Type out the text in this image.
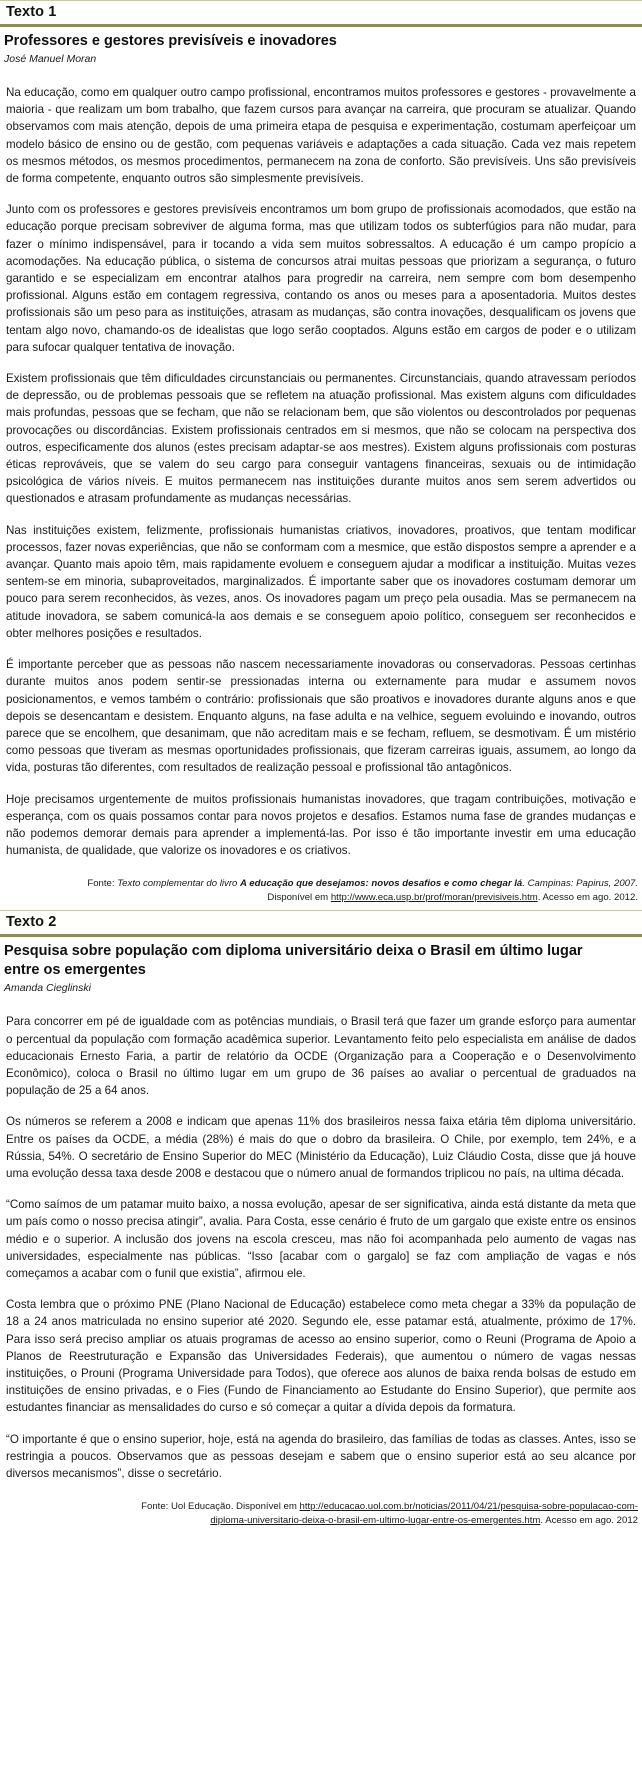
Texto 1
Professores e gestores previsíveis e inovadores
José Manuel Moran

Na educação, como em qualquer outro campo profissional, encontramos muitos professores e gestores - provavelmente a maioria - que realizam um bom trabalho, que fazem cursos para avançar na carreira, que procuram se atualizar. Quando observamos com mais atenção, depois de uma primeira etapa de pesquisa e experimentação, costumam aperfeiçoar um modelo básico de ensino ou de gestão, com pequenas variáveis e adaptações a cada situação. Cada vez mais repetem os mesmos métodos, os mesmos procedimentos, permanecem na zona de conforto. São previsíveis. Uns são previsíveis de forma competente, enquanto outros são simplesmente previsíveis.

Junto com os professores e gestores previsíveis encontramos um bom grupo de profissionais acomodados, que estão na educação porque precisam sobreviver de alguma forma, mas que utilizam todos os subterfúgios para não mudar, para fazer o mínimo indispensável, para ir tocando a vida sem muitos sobressaltos. A educação é um campo propício a acomodações. Na educação pública, o sistema de concursos atrai muitas pessoas que priorizam a segurança, o futuro garantido e se especializam em encontrar atalhos para progredir na carreira, nem sempre com bom desempenho profissional. Alguns estão em contagem regressiva, contando os anos ou meses para a aposentadoria. Muitos destes profissionais são um peso para as instituições, atrasam as mudanças, são contra inovações, desqualificam os jovens que tentam algo novo, chamando-os de idealistas que logo serão cooptados. Alguns estão em cargos de poder e o utilizam para sufocar qualquer tentativa de inovação.

Existem profissionais que têm dificuldades circunstanciais ou permanentes. Circunstanciais, quando atravessam períodos de depressão, ou de problemas pessoais que se refletem na atuação profissional. Mas existem alguns com dificuldades mais profundas, pessoas que se fecham, que não se relacionam bem, que são violentos ou descontrolados por pequenas provocações ou discordâncias. Existem profissionais centrados em si mesmos, que não se colocam na perspectiva dos outros, especificamente dos alunos (estes precisam adaptar-se aos mestres). Existem alguns profissionais com posturas éticas reprováveis, que se valem do seu cargo para conseguir vantagens financeiras, sexuais ou de intimidação psicológica de vários níveis. E muitos permanecem nas instituições durante muitos anos sem serem advertidos ou questionados e atrasam profundamente as mudanças necessárias.

Nas instituições existem, felizmente, profissionais humanistas criativos, inovadores, proativos, que tentam modificar processos, fazer novas experiências, que não se conformam com a mesmice, que estão dispostos sempre a aprender e a avançar. Quanto mais apoio têm, mais rapidamente evoluem e conseguem ajudar a modificar a instituição. Muitas vezes sentem-se em minoria, subaproveitados, marginalizados. É importante saber que os inovadores costumam demorar um pouco para serem reconhecidos, às vezes, anos. Os inovadores pagam um preço pela ousadia. Mas se permanecem na atitude inovadora, se sabem comunicá-la aos demais e se conseguem apoio político, conseguem ser reconhecidos e obter melhores posições e resultados.

É importante perceber que as pessoas não nascem necessariamente inovadoras ou conservadoras. Pessoas certinhas durante muitos anos podem sentir-se pressionadas interna ou externamente para mudar e assumem novos posicionamentos, e vemos também o contrário: profissionais que são proativos e inovadores durante alguns anos e que depois se desencantam e desistem. Enquanto alguns, na fase adulta e na velhice, seguem evoluindo e inovando, outros parece que se encolhem, que desanimam, que não acreditam mais e se fecham, refluem, se desmotivam. É um mistério como pessoas que tiveram as mesmas oportunidades profissionais, que fizeram carreiras iguais, assumem, ao longo da vida, posturas tão diferentes, com resultados de realização pessoal e profissional tão antagônicos.

Hoje precisamos urgentemente de muitos profissionais humanistas inovadores, que tragam contribuições, motivação e esperança, com os quais possamos contar para novos projetos e desafios. Estamos numa fase de grandes mudanças e não podemos demorar demais para aprender a implementá-las. Por isso é tão importante investir em uma educação humanista, de qualidade, que valorize os inovadores e os criativos.

Fonte: Texto complementar do livro A educação que desejamos: novos desafios e como chegar lá. Campinas: Papirus, 2007.
Disponível em http://www.eca.usp.br/prof/moran/previsiveis.htm. Acesso em ago. 2012.
Texto 2
Pesquisa sobre população com diploma universitário deixa o Brasil em último lugar entre os emergentes
Amanda Cieglinski

Para concorrer em pé de igualdade com as potências mundiais, o Brasil terá que fazer um grande esforço para aumentar o percentual da população com formação acadêmica superior. Levantamento feito pelo especialista em análise de dados educacionais Ernesto Faria, a partir de relatório da OCDE (Organização para a Cooperação e o Desenvolvimento Econômico), coloca o Brasil no último lugar em um grupo de 36 países ao avaliar o percentual de graduados na população de 25 a 64 anos.

Os números se referem a 2008 e indicam que apenas 11% dos brasileiros nessa faixa etária têm diploma universitário. Entre os países da OCDE, a média (28%) é mais do que o dobro da brasileira. O Chile, por exemplo, tem 24%, e a Rússia, 54%. O secretário de Ensino Superior do MEC (Ministério da Educação), Luiz Cláudio Costa, disse que já houve uma evolução dessa taxa desde 2008 e destacou que o número anual de formandos triplicou no país, na ultima década.

“Como saímos de um patamar muito baixo, a nossa evolução, apesar de ser significativa, ainda está distante da meta que um país como o nosso precisa atingir”, avalia. Para Costa, esse cenário é fruto de um gargalo que existe entre os ensinos médio e o superior. A inclusão dos jovens na escola cresceu, mas não foi acompanhada pelo aumento de vagas nas universidades, especialmente nas públicas. “Isso [acabar com o gargalo] se faz com ampliação de vagas e nós começamos a acabar com o funil que existia”, afirmou ele.

Costa lembra que o próximo PNE (Plano Nacional de Educação) estabelece como meta chegar a 33% da população de 18 a 24 anos matriculada no ensino superior até 2020. Segundo ele, esse patamar está, atualmente, próximo de 17%. Para isso será preciso ampliar os atuais programas de acesso ao ensino superior, como o Reuni (Programa de Apoio a Planos de Reestruturação e Expansão das Universidades Federais), que aumentou o número de vagas nessas instituições, o Prouni (Programa Universidade para Todos), que oferece aos alunos de baixa renda bolsas de estudo em instituições de ensino privadas, e o Fies (Fundo de Financiamento ao Estudante do Ensino Superior), que permite aos estudantes financiar as mensalidades do curso e só começar a quitar a dívida depois da formatura.

“O importante é que o ensino superior, hoje, está na agenda do brasileiro, das famílias de todas as classes. Antes, isso se restringia a poucos. Observamos que as pessoas desejam e sabem que o ensino superior está ao seu alcance por diversos mecanismos”, disse o secretário.

Fonte: Uol Educação. Disponível em http://educacao.uol.com.br/noticias/2011/04/21/pesquisa-sobre-populacao-com-
diploma-universitario-deixa-o-brasil-em-ultimo-lugar-entre-os-emergentes.htm. Acesso em ago. 2012
